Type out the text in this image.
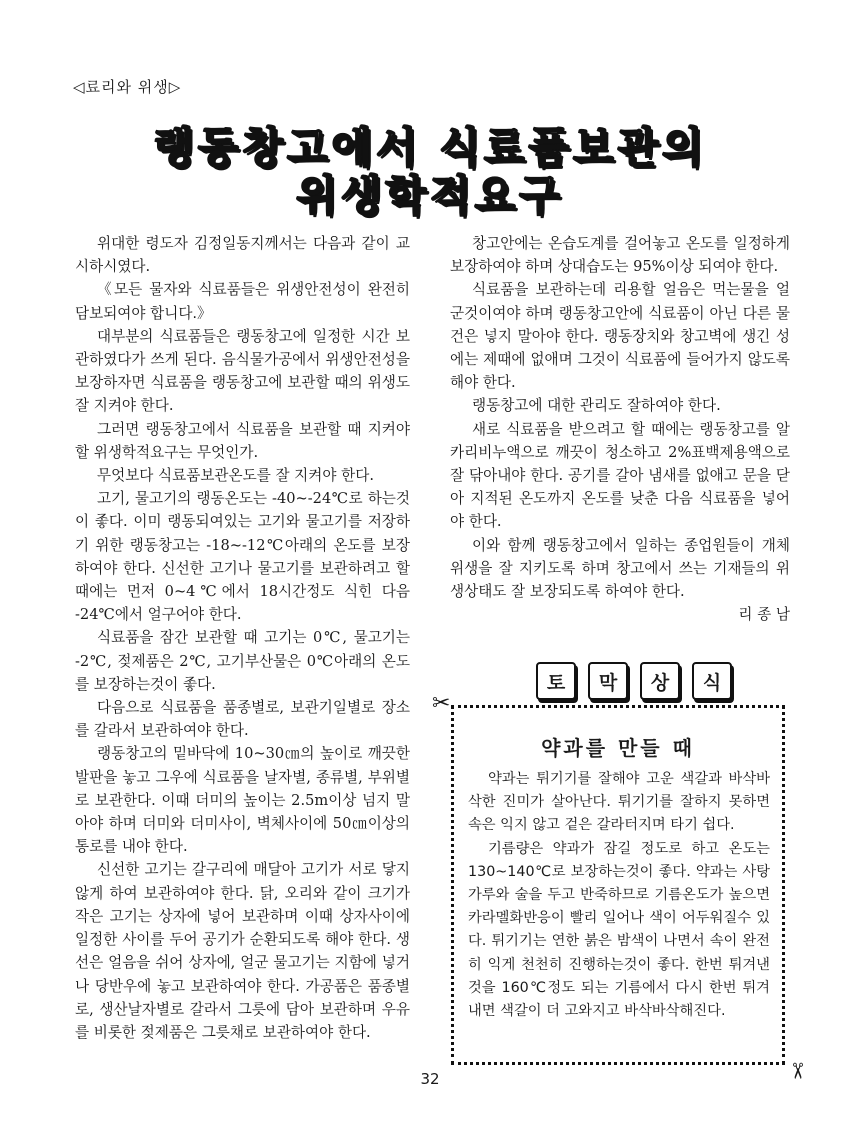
◁료리와 위생▷
랭동창고에서 식료품보관의
위생학적요구

위대한 령도자 김정일동지께서는 다음과 같이 교시하시였다.

《모든 물자와 식료품들은 위생안전성이 완전히 담보되여야 합니다.》

대부분의 식료품들은 랭동창고에 일정한 시간 보관하였다가 쓰게 된다. 음식물가공에서 위생안전성을 보장하자면 식료품을 랭동창고에 보관할 때의 위생도 잘 지켜야 한다.

그러면 랭동창고에서 식료품을 보관할 때 지켜야 할 위생학적요구는 무엇인가.

무엇보다 식료품보관온도를 잘 지켜야 한다.

고기, 물고기의 랭동온도는 -40~-24℃로 하는것이 좋다. 이미 랭동되여있는 고기와 물고기를 저장하기 위한 랭동창고는 -18~-12℃아래의 온도를 보장하여야 한다. 신선한 고기나 물고기를 보관하려고 할 때에는 먼저 0~4℃에서 18시간정도 식힌 다음 -24℃에서 얼구어야 한다.

식료품을 잠간 보관할 때 고기는 0℃, 물고기는 -2℃, 젖제품은 2℃, 고기부산물은 0℃아래의 온도를 보장하는것이 좋다.

다음으로 식료품을 품종별로, 보관기일별로 장소를 갈라서 보관하여야 한다.

랭동창고의 밑바닥에 10~30㎝의 높이로 깨끗한 발판을 놓고 그우에 식료품을 날자별, 종류별, 부위별로 보관한다. 이때 더미의 높이는 2.5m이상 넘지 말아야 하며 더미와 더미사이, 벽체사이에 50㎝이상의 통로를 내야 한다.

신선한 고기는 갈구리에 매달아 고기가 서로 닿지 않게 하여 보관하여야 한다. 닭, 오리와 같이 크기가 작은 고기는 상자에 넣어 보관하며 이때 상자사이에 일정한 사이를 두어 공기가 순환되도록 해야 한다. 생선은 얼음을 쉬어 상자에, 얼군 물고기는 지함에 넣거나 당반우에 놓고 보관하여야 한다. 가공품은 품종별로, 생산날자별로 갈라서 그릇에 담아 보관하며 우유를 비롯한 젖제품은 그릇채로 보관하여야 한다.

창고안에는 온습도계를 걸어놓고 온도를 일정하게 보장하여야 하며 상대습도는 95%이상 되여야 한다.

식료품을 보관하는데 리용할 얼음은 먹는물을 얼군것이여야 하며 랭동창고안에 식료품이 아닌 다른 물건은 넣지 말아야 한다. 랭동장치와 창고벽에 생긴 성에는 제때에 없애며 그것이 식료품에 들어가지 않도록 해야 한다.

랭동창고에 대한 관리도 잘하여야 한다.

새로 식료품을 받으려고 할 때에는 랭동창고를 알카리비누액으로 깨끗이 청소하고 2%표백제용액으로 잘 닦아내야 한다. 공기를 갈아 냄새를 없애고 문을 닫아 지적된 온도까지 온도를 낮춘 다음 식료품을 넣어야 한다.

이와 함께 랭동창고에서 일하는 종업원들이 개체위생을 잘 지키도록 하며 창고에서 쓰는 기재들의 위생상태도 잘 보장되도록 하여야 한다.

리 종 남
토 막 상 식
✂
✂
약과를 만들 때

약과는 튀기기를 잘해야 고운 색갈과 바삭바삭한 진미가 살아난다. 튀기기를 잘하지 못하면 속은 익지 않고 겉은 갈라터지며 타기 쉽다.

기름량은 약과가 잠길 정도로 하고 온도는 130~140℃로 보장하는것이 좋다. 약과는 사탕가루와 술을 두고 반죽하므로 기름온도가 높으면 카라멜화반응이 빨리 일어나 색이 어두워질수 있다. 튀기기는 연한 붉은 밤색이 나면서 속이 완전히 익게 천천히 진행하는것이 좋다. 한번 튀겨낸것을 160℃정도 되는 기름에서 다시 한번 튀겨내면 색갈이 더 고와지고 바삭바삭해진다.

32
